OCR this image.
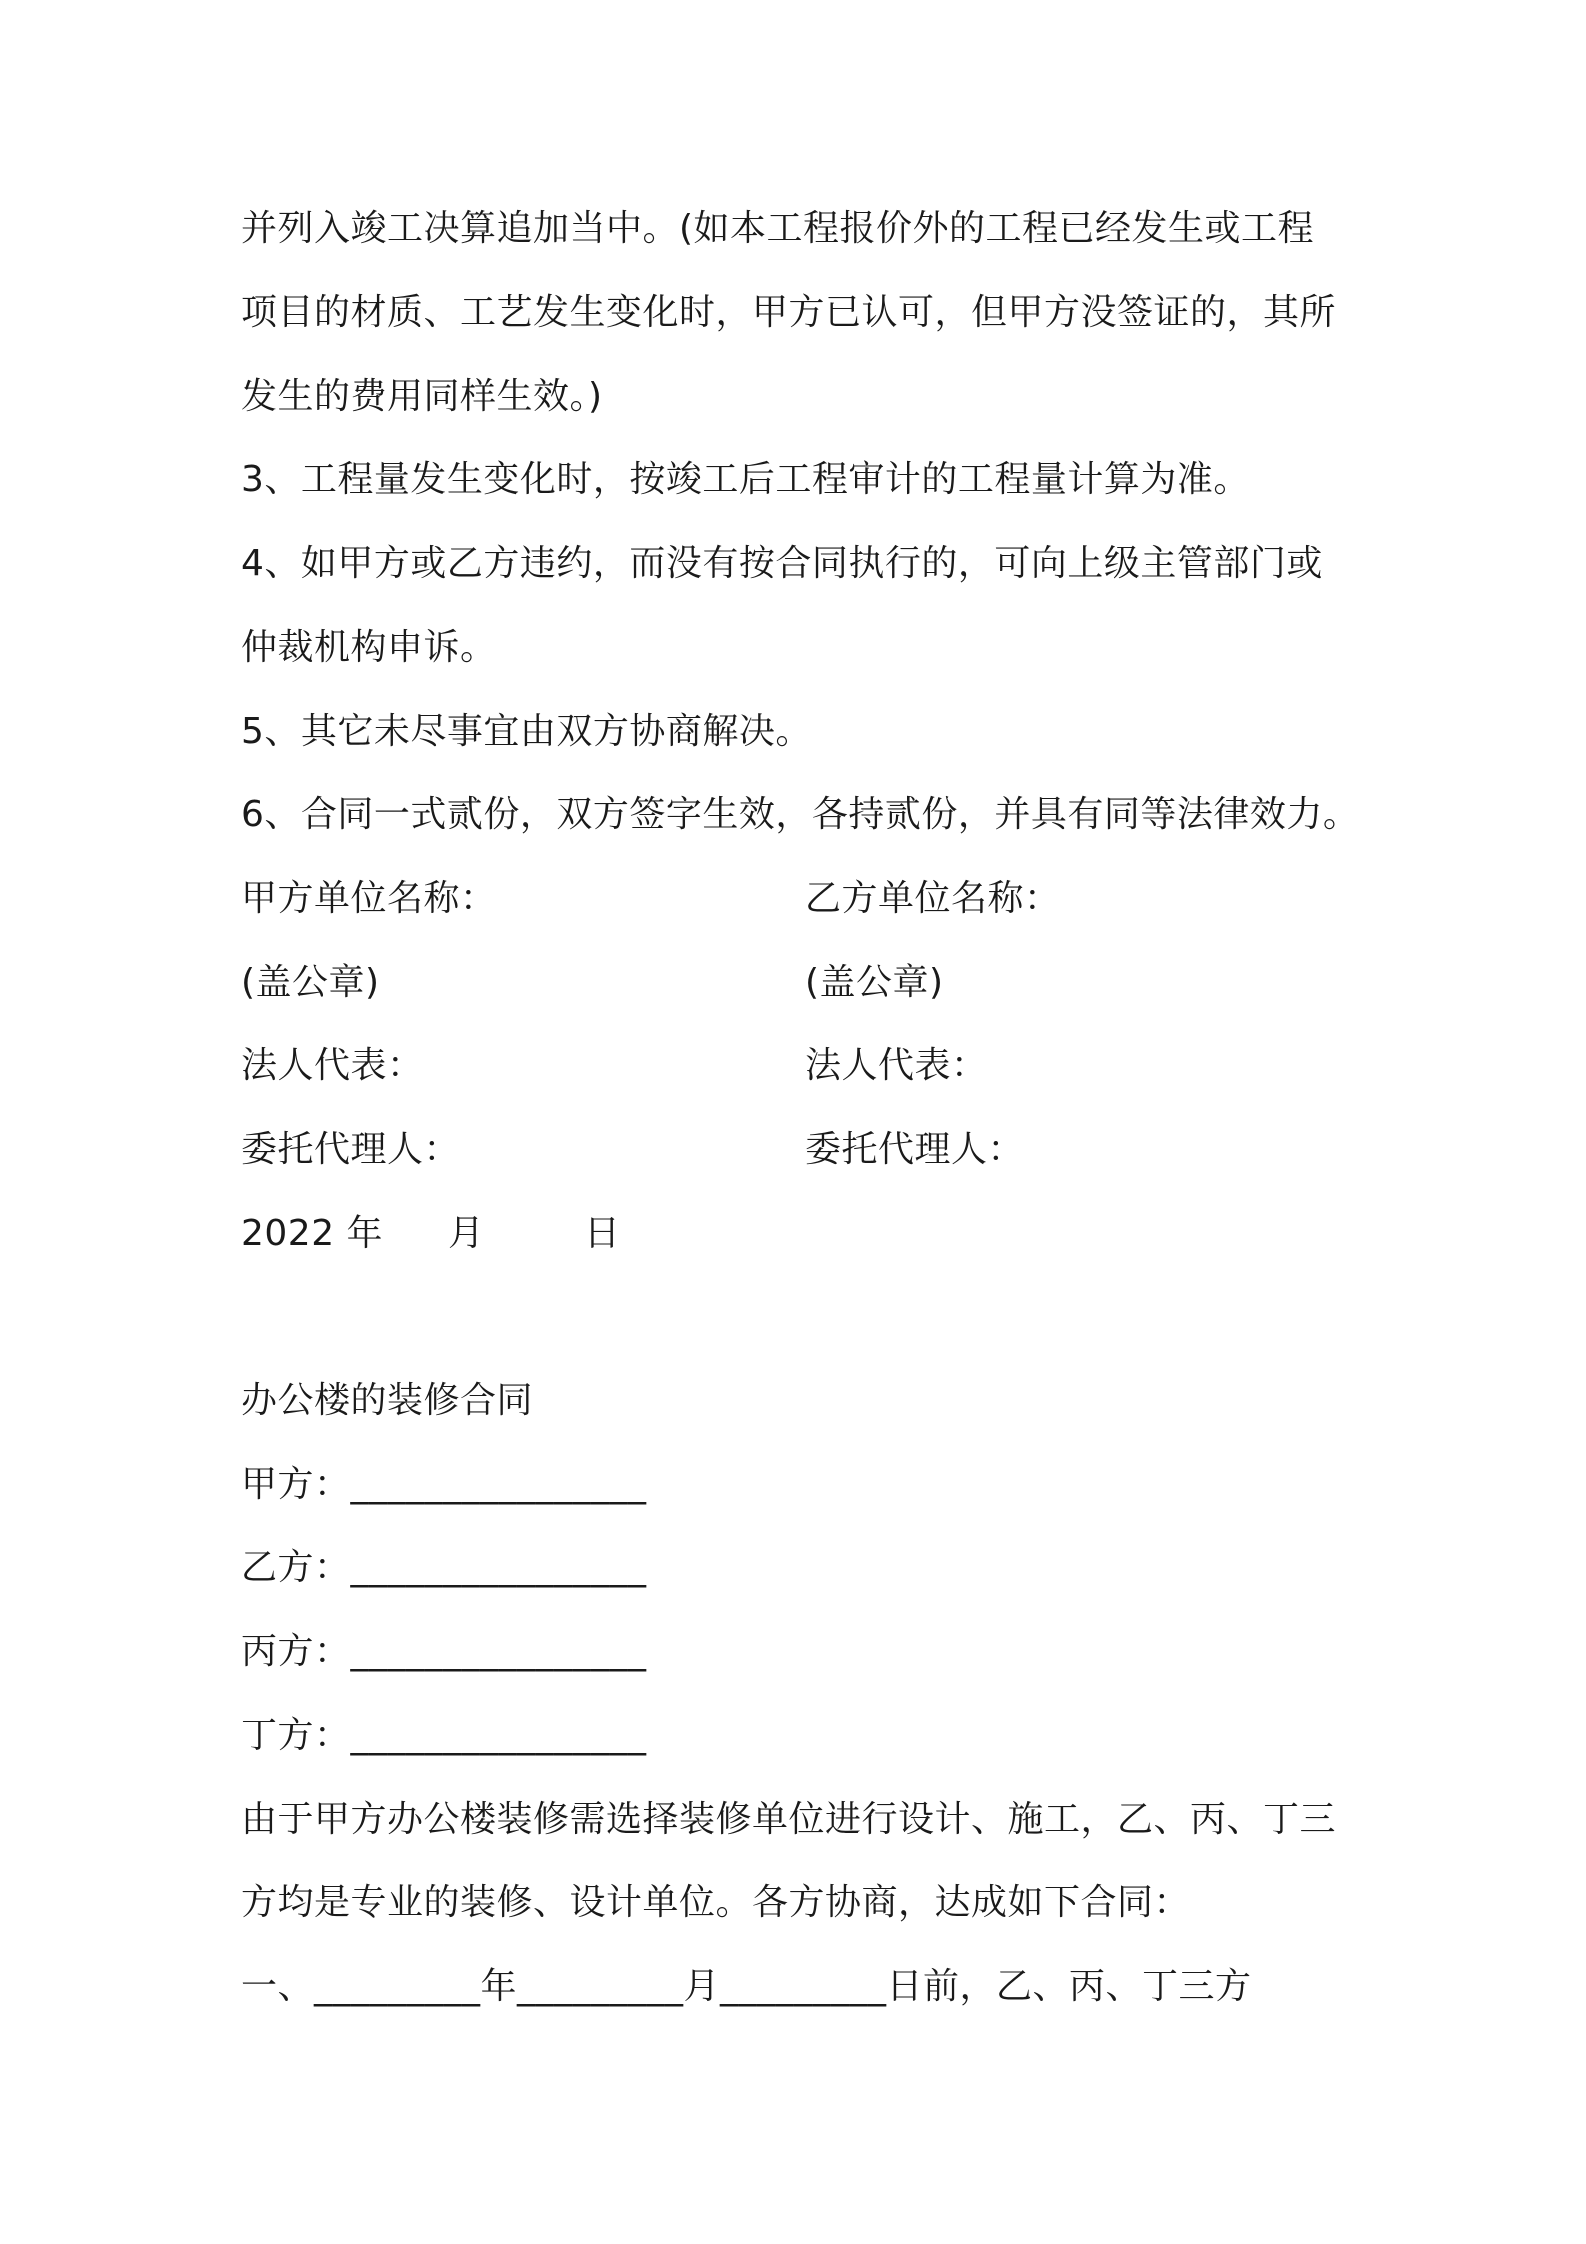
并列入竣工决算追加当中。(如本工程报价外的工程已经发生或工程
项目的材质、工艺发生变化时，甲方已认可，但甲方没签证的，其所
发生的费用同样生效。)
3、工程量发生变化时，按竣工后工程审计的工程量计算为准。
4、如甲方或乙方违约，而没有按合同执行的，可向上级主管部门或
仲裁机构申诉。
5、其它未尽事宜由双方协商解决。
6、合同一式贰份，双方签字生效，各持贰份，并具有同等法律效力。
甲方单位名称：	乙方单位名称：
(盖公章)	(盖公章)
法人代表：	法人代表：
委托代理人：	委托代理人：
2022 年 月	日
办公楼的装修合同
甲方：________________
乙方：________________
丙方：________________
丁方：________________
由于甲方办公楼装修需选择装修单位进行设计、施工，乙、丙、丁三
方均是专业的装修、设计单位。各方协商，达成如下合同：
一、_________年_________月_________日前，乙、丙、丁三方
